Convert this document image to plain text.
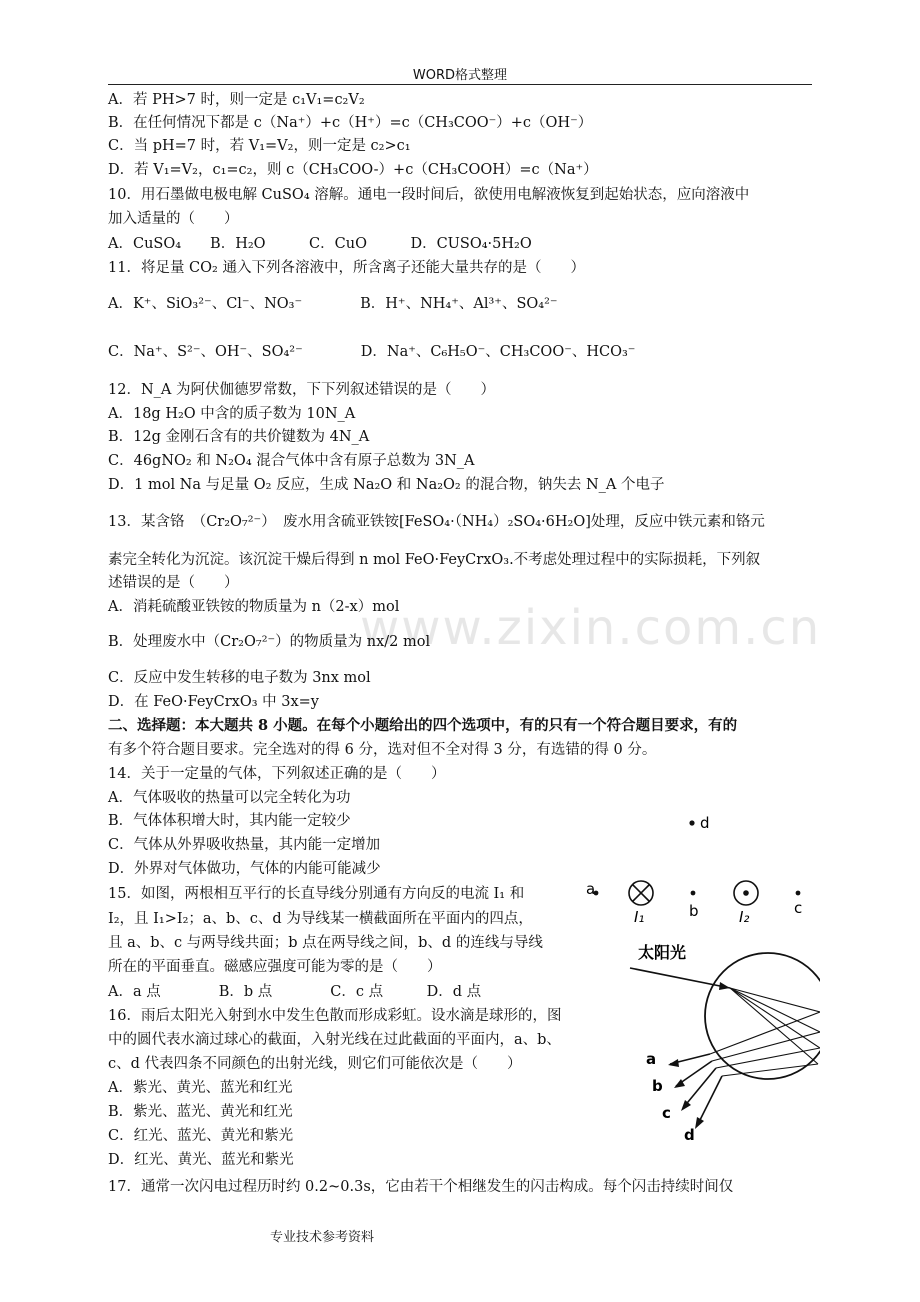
WORD格式整理
www.zixin.com.cn
A．若 PH>7 时，则一定是 c₁V₁=c₂V₂
B．在任何情况下都是 c（Na⁺）+c（H⁺）=c（CH₃COO⁻）+c（OH⁻）
C．当 pH=7 时，若 V₁=V₂，则一定是 c₂>c₁
D．若 V₁=V₂，c₁=c₂，则 c（CH₃COO-）+c（CH₃COOH）=c（Na⁺）
10．用石墨做电极电解 CuSO₄ 溶解。通电一段时间后，欲使用电解液恢复到起始状态，应向溶液中
加入适量的（　　）
A．CuSO₄　　B．H₂O　　　C．CuO　　　D．CUSO₄·5H₂O
11．将足量 CO₂ 通入下列各溶液中，所含离子还能大量共存的是（　　）
A．K⁺、SiO₃²⁻、Cl⁻、NO₃⁻　　　　B．H⁺、NH₄⁺、Al³⁺、SO₄²⁻
C．Na⁺、S²⁻、OH⁻、SO₄²⁻　　　　D．Na⁺、C₆H₅O⁻、CH₃COO⁻、HCO₃⁻
12．N_A 为阿伏伽德罗常数，下下列叙述错误的是（　　）
A．18g H₂O 中含的质子数为 10N_A
B．12g 金刚石含有的共价键数为 4N_A
C．46gNO₂ 和 N₂O₄ 混合气体中含有原子总数为 3N_A
D．1 mol Na 与足量 O₂ 反应，生成 Na₂O 和 Na₂O₂ 的混合物，钠失去 N_A 个电子
13．某含铬　（Cr₂O₇²⁻）　废水用含硫亚铁铵[FeSO₄·（NH₄）₂SO₄·6H₂O]处理，反应中铁元素和铬元
素完全转化为沉淀。该沉淀干燥后得到 n mol FeO·FeyCrxO₃.不考虑处理过程中的实际损耗，下列叙
述错误的是（　　）
A．消耗硫酸亚铁铵的物质量为 n（2-x）mol
B．处理废水中（Cr₂O₇²⁻）的物质量为 nx/2 mol
C．反应中发生转移的电子数为 3nx mol
D．在 FeO·FeyCrxO₃ 中 3x=y
二、选择题：本大题共 8 小题。在每个小题给出的四个选项中，有的只有一个符合题目要求，有的
有多个符合题目要求。完全选对的得 6 分，选对但不全对得 3 分，有选错的得 0 分。
14．关于一定量的气体，下列叙述正确的是（　　）
A．气体吸收的热量可以完全转化为功
B．气体体积增大时，其内能一定较少
C．气体从外界吸收热量，其内能一定增加
D．外界对气体做功，气体的内能可能减少
15．如图，两根相互平行的长直导线分别通有方向反的电流 I₁ 和
I₂，且 I₁>I₂；a、b、c、d 为导线某一横截面所在平面内的四点，
且 a、b、c 与两导线共面；b 点在两导线之间，b、d 的连线与导线
所在的平面垂直。磁感应强度可能为零的是（　　）
A．a 点　　　　B．b 点　　　　C．c 点　　　D．d 点
16．雨后太阳光入射到水中发生色散而形成彩虹。设水滴是球形的，图
中的圆代表水滴过球心的截面，入射光线在过此截面的平面内，a、b、
c、d 代表四条不同颜色的出射光线，则它们可能依次是（　　）
A．紫光、黄光、蓝光和红光
B．紫光、蓝光、黄光和红光
C．红光、蓝光、黄光和紫光
D．红光、黄光、蓝光和紫光
17．通常一次闪电过程历时约 0.2~0.3s，它由若干个相继发生的闪击构成。每个闪击持续时间仅
d
a
I₁	b	I₂	c
太阳光
a
b
c
d
专业技术参考资料
